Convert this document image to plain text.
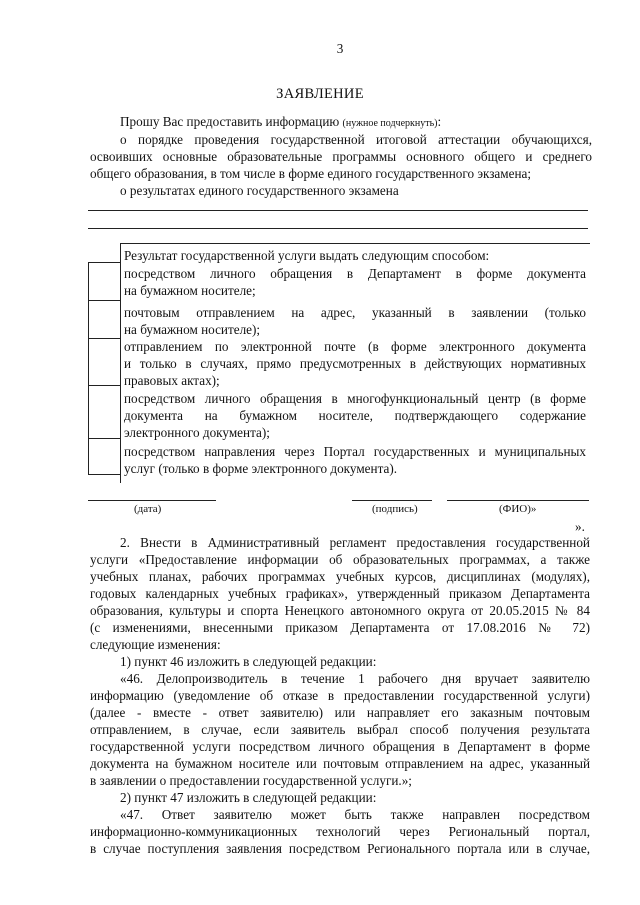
3
ЗАЯВЛЕНИЕ
Прошу Вас предоставить информацию (нужное подчеркнуть):
о порядке проведения государственной итоговой аттестации обучающихся,
освоивших основные образовательные программы основного общего и среднего
общего образования, в том числе в форме единого государственного экзамена;
о результатах единого государственного экзамена
Результат государственной услуги выдать следующим способом:
посредством личного обращения в Департамент в форме документа
на бумажном носителе;
почтовым отправлением на адрес, указанный в заявлении (только
на бумажном носителе);
отправлением по электронной почте (в форме электронного документа
и только в случаях, прямо предусмотренных в действующих нормативных
правовых актах);
посредством личного обращения в многофункциональный центр (в форме
документа на бумажном носителе, подтверждающего содержание
электронного документа);
посредством направления через Портал государственных и муниципальных
услуг (только в форме электронного документа).
(дата)	(подпись)	(ФИО)»
».
2. Внести в Административный регламент предоставления государственной
услуги «Предоставление информации об образовательных программах, а также
учебных планах, рабочих программах учебных курсов, дисциплинах (модулях),
годовых календарных учебных графиках», утвержденный приказом Департамента
образования, культуры и спорта Ненецкого автономного округа от 20.05.2015 № 84
(с изменениями, внесенными приказом Департамента от 17.08.2016 № 72)
следующие изменения:
1) пункт 46 изложить в следующей редакции:
«46. Делопроизводитель в течение 1 рабочего дня вручает заявителю
информацию (уведомление об отказе в предоставлении государственной услуги)
(далее - вместе - ответ заявителю) или направляет его заказным почтовым
отправлением, в случае, если заявитель выбрал способ получения результата
государственной услуги посредством личного обращения в Департамент в форме
документа на бумажном носителе или почтовым отправлением на адрес, указанный
в заявлении о предоставлении государственной услуги.»;
2) пункт 47 изложить в следующей редакции:
«47. Ответ заявителю может быть также направлен посредством
информационно-коммуникационных технологий через Региональный портал,
в случае поступления заявления посредством Регионального портала или в случае,
